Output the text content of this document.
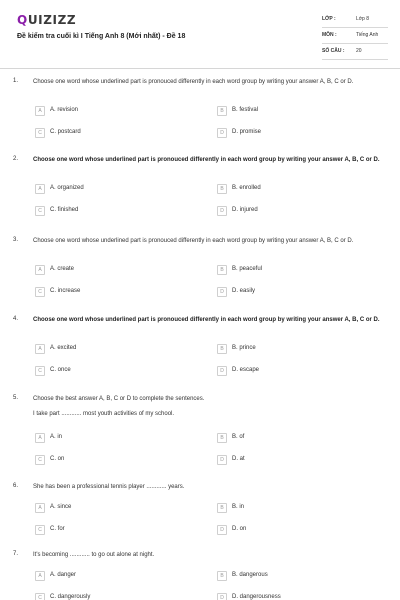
QUIZIZZ
Đề kiểm tra cuối kì I Tiếng Anh 8 (Mới nhất) - Đề 18
LỚP :	Lớp 8
MÔN :	Tiếng Anh
SỐ CÂU : 20
1. Choose one word whose underlined part is pronouced differently in each word group by writing your answer A, B, C or D.
A	A. revision	B	B. festival
C	C. postcard	D	D. promise
2. Choose one word whose underlined part is pronouced differently in each word group by writing your answer A, B, C or D.
A	A. organized	B	B. enrolled
C	C. finished	D	D. injured
3. Choose one word whose underlined part is pronouced differently in each word group by writing your answer A, B, C or D.
A	A. create	B	B. peaceful
C	C. increase	D	D. easily
4. Choose one word whose underlined part is pronouced differently in each word group by writing your answer A, B, C or D.
A	A. excited	B	B. prince
C	C. once	D	D. escape
5. Choose the best answer A, B, C or D to complete the sentences.
I take part ............ most youth activities of my school.
A	A. in	B	B. of
C	C. on	D	D. at
6. She has been a professional tennis player ............ years.
A	A. since	B	B. in
C	C. for	D	D. on
7. It's becoming ............ to go out alone at night.
A	A. danger	B	B. dangerous
C	C. dangerously	D	D. dangerousness
